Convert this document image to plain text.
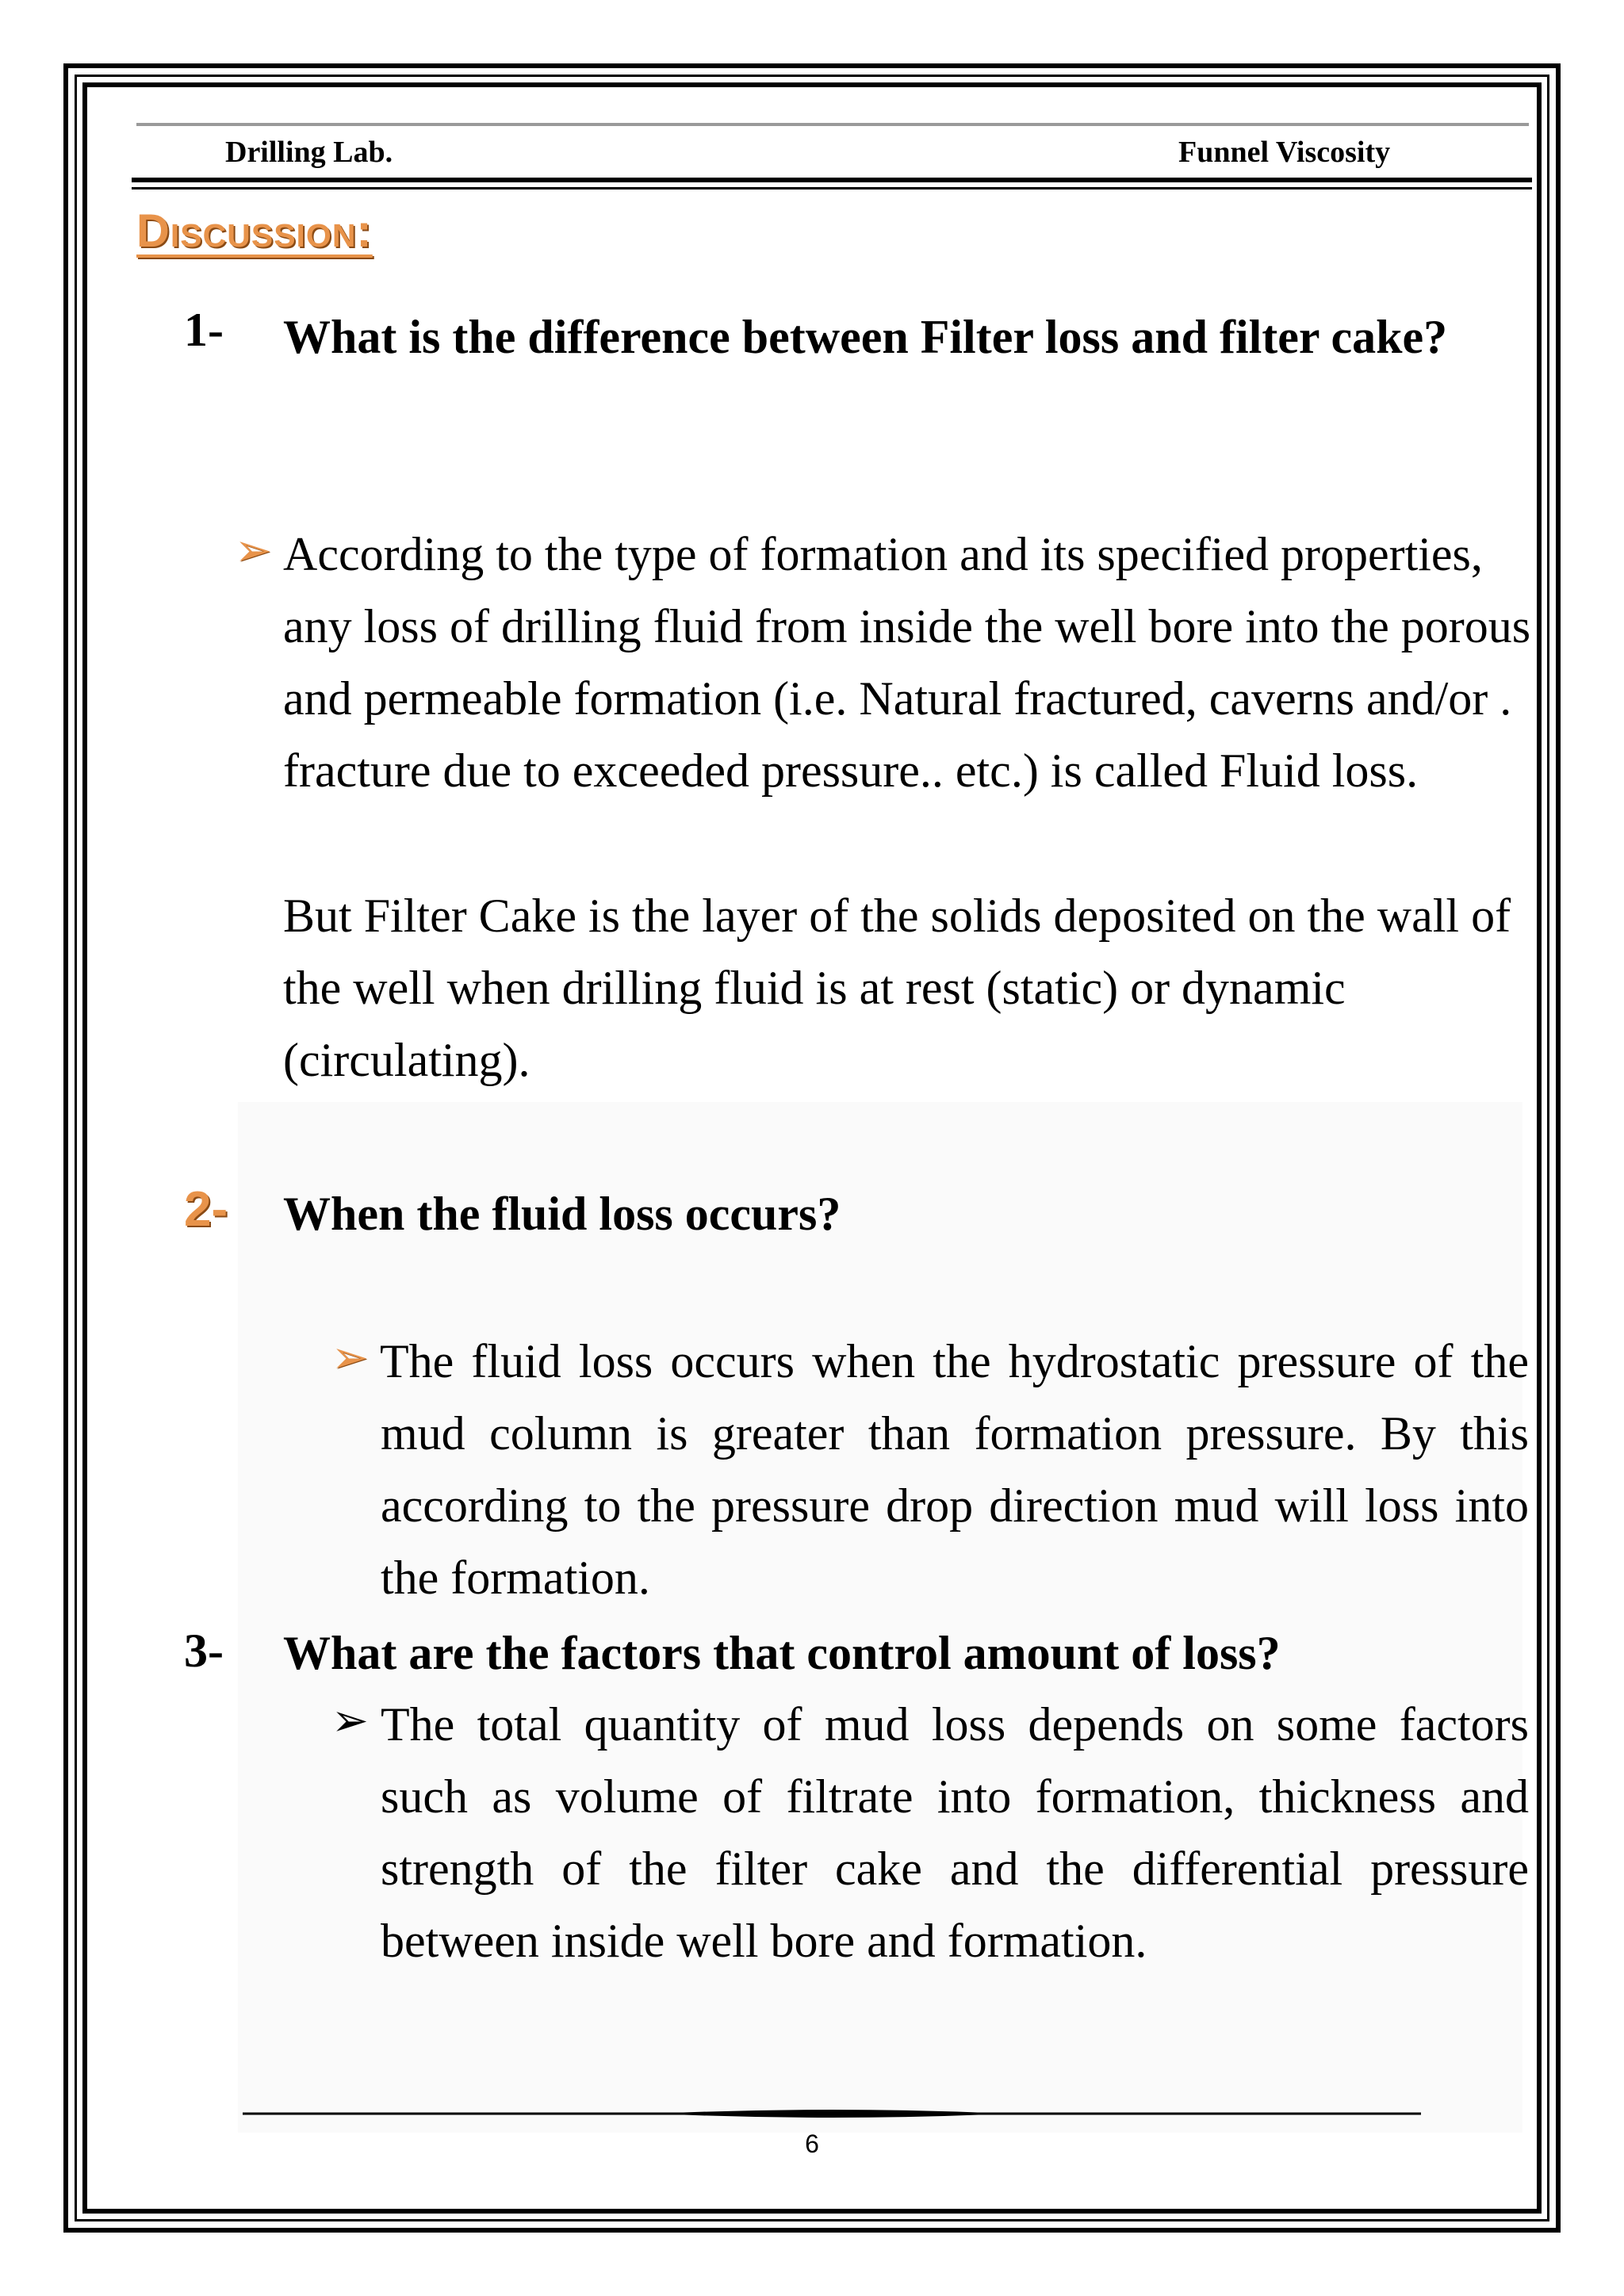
Drilling Lab.	Funnel Viscosity
Discussion:
1- What is the difference between Filter loss and filter cake?
➢ According to the type of formation and its specified properties, any loss of drilling fluid from inside the well bore into the porous and permeable formation (i.e. Natural fractured, caverns and/or . fracture due to exceeded pressure.. etc.) is called Fluid loss.
But Filter Cake is the layer of the solids deposited on the wall of the well when drilling fluid is at rest (static) or dynamic (circulating).
2- When the fluid loss occurs?
➢ The fluid loss occurs when the hydrostatic pressure of the mud column is greater than formation pressure. By this according to the pressure drop direction mud will loss into the formation.
3- What are the factors that control amount of loss?
➢ The total quantity of mud loss depends on some factors such as volume of filtrate into formation, thickness and strength of the filter cake and the differential pressure between inside well bore and formation.
6
